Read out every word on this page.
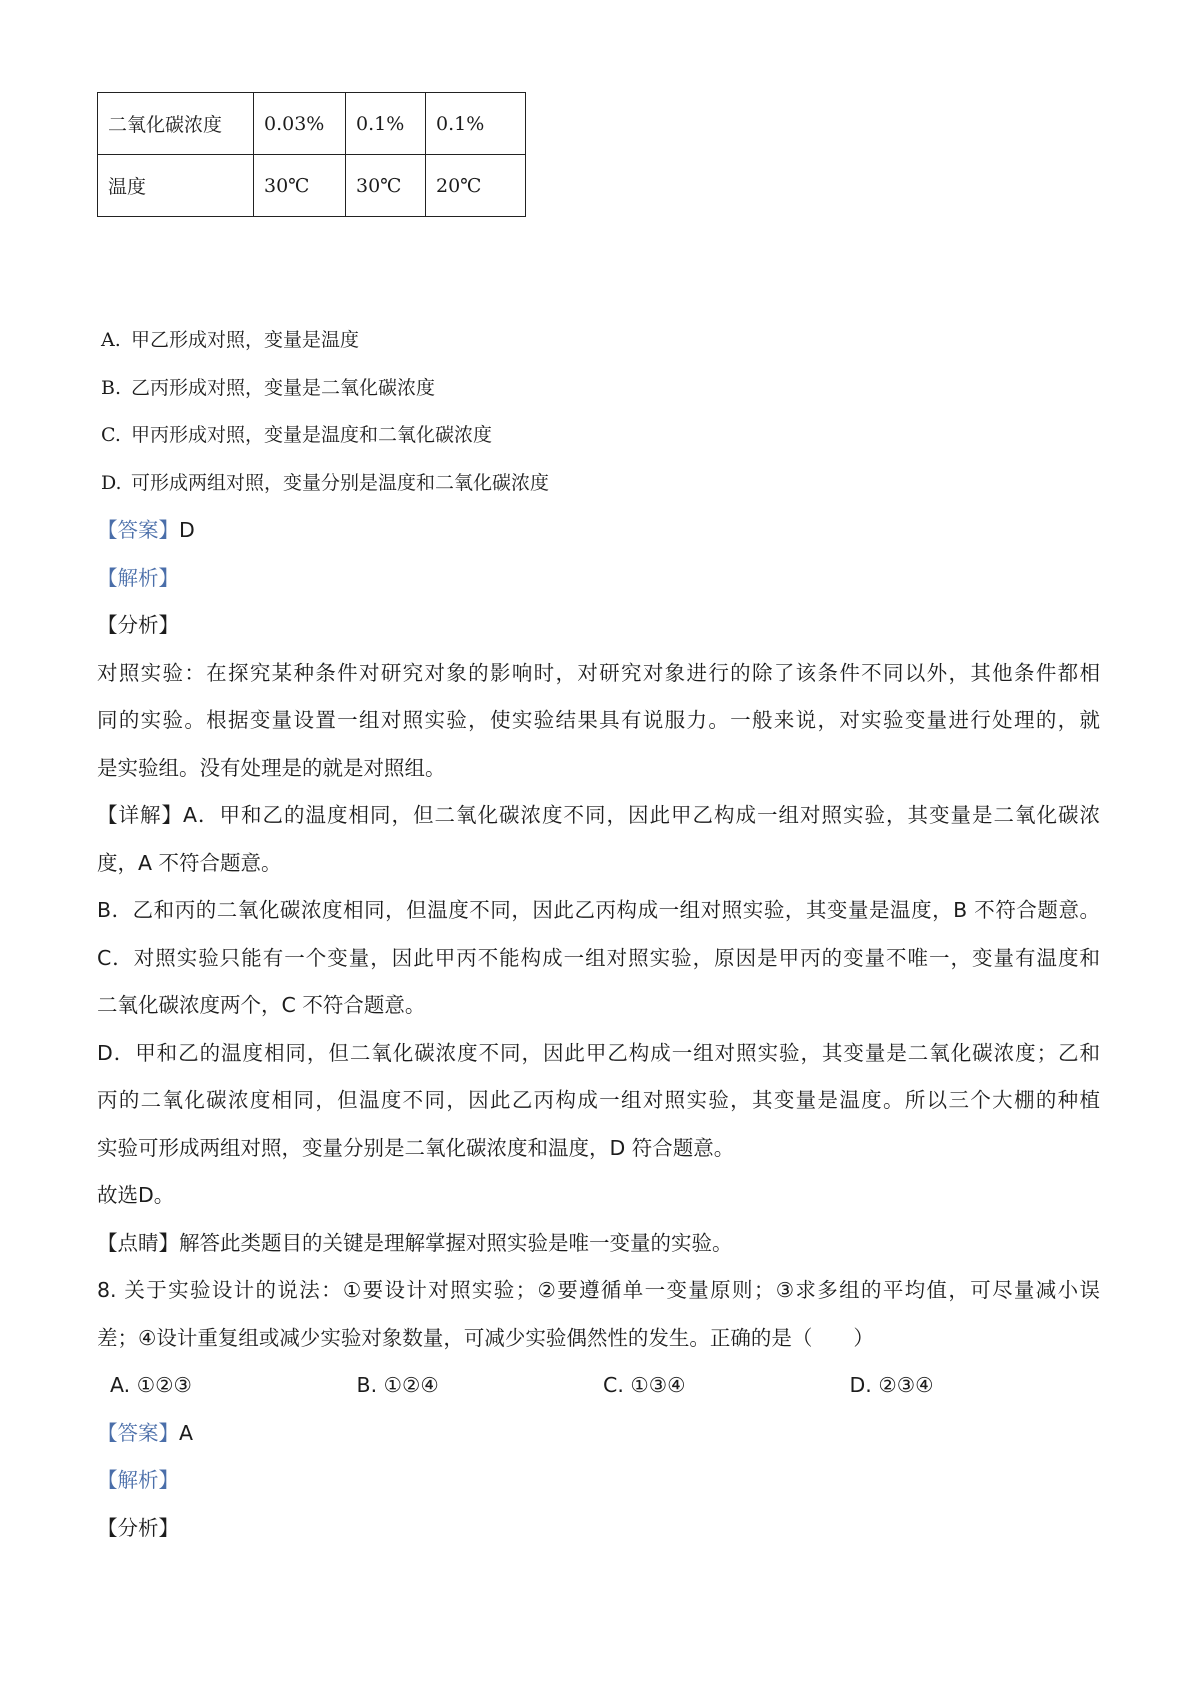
二氧化碳浓度	0.03%	0.1%	0.1%
温度	30℃	30℃	20℃
A. 甲乙形成对照，变量是温度
B. 乙丙形成对照，变量是二氧化碳浓度
C. 甲丙形成对照，变量是温度和二氧化碳浓度
D. 可形成两组对照，变量分别是温度和二氧化碳浓度
【答案】D
【解析】
【分析】
对照实验：在探究某种条件对研究对象的影响时，对研究对象进行的除了该条件不同以外，其他条件都相
同的实验。根据变量设置一组对照实验，使实验结果具有说服力。一般来说，对实验变量进行处理的，就
是实验组。没有处理是的就是对照组。
【详解】A．甲和乙的温度相同，但二氧化碳浓度不同，因此甲乙构成一组对照实验，其变量是二氧化碳浓
度，A 不符合题意。
B．乙和丙的二氧化碳浓度相同，但温度不同，因此乙丙构成一组对照实验，其变量是温度，B 不符合题意。
C．对照实验只能有一个变量，因此甲丙不能构成一组对照实验，原因是甲丙的变量不唯一，变量有温度和
二氧化碳浓度两个，C 不符合题意。
D．甲和乙的温度相同，但二氧化碳浓度不同，因此甲乙构成一组对照实验，其变量是二氧化碳浓度；乙和
丙的二氧化碳浓度相同，但温度不同，因此乙丙构成一组对照实验，其变量是温度。所以三个大棚的种植
实验可形成两组对照，变量分别是二氧化碳浓度和温度，D 符合题意。
故选D。
【点睛】解答此类题目的关键是理解掌握对照实验是唯一变量的实验。
8. 关于实验设计的说法：①要设计对照实验；②要遵循单一变量原则；③求多组的平均值，可尽量减小误
差；④设计重复组或减少实验对象数量，可减少实验偶然性的发生。正确的是（　　）
A. ①②③	B. ①②④	C. ①③④	D. ②③④
【答案】A
【解析】
【分析】
